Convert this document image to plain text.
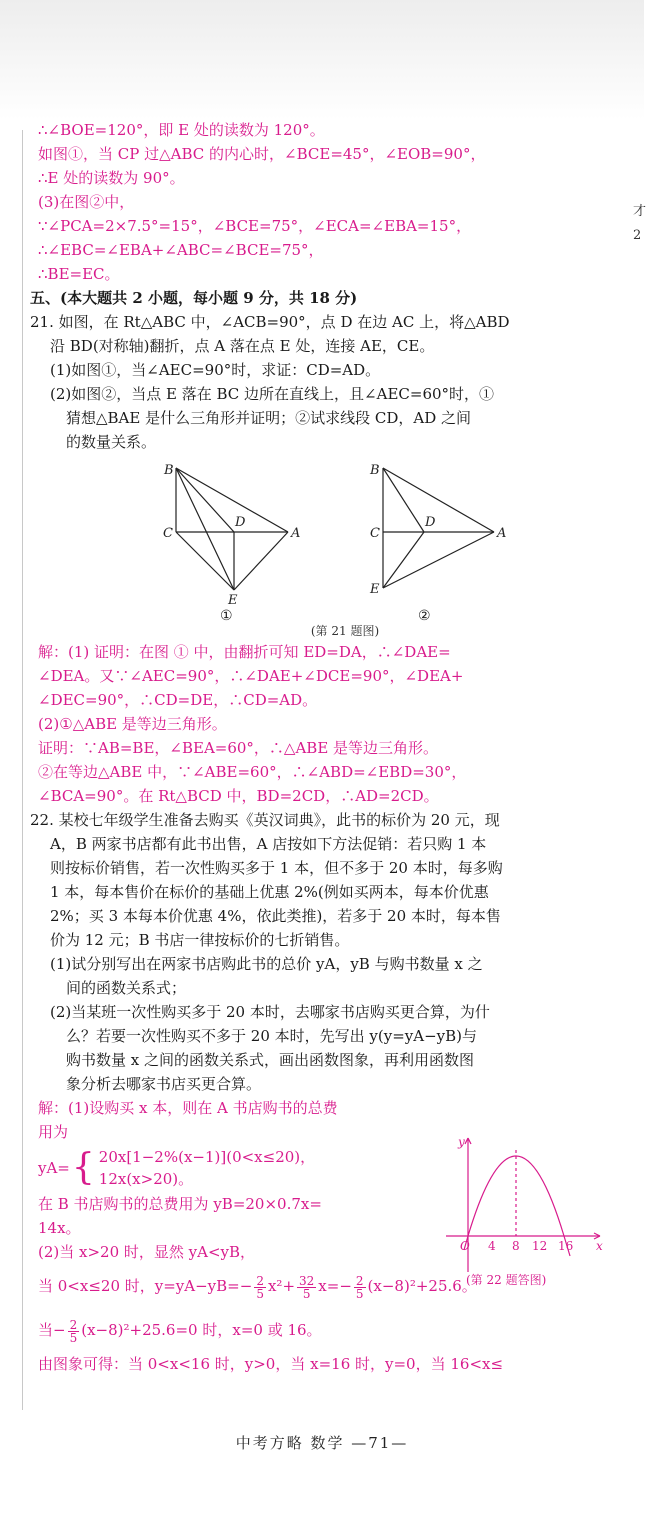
才
2
∴∠BOE=120°，即 E 处的读数为 120°。
如图①，当 CP 过△ABC 的内心时，∠BCE=45°，∠EOB=90°，
∴E 处的读数为 90°。
(3)在图②中，
∵∠PCA=2×7.5°=15°，∠BCE=75°，∠ECA=∠EBA=15°，
∴∠EBC=∠EBA+∠ABC=∠BCE=75°，
∴BE=EC。
五、(本大题共 2 小题，每小题 9 分，共 18 分)
21. 如图，在 Rt△ABC 中，∠ACB=90°，点 D 在边 AC 上，将△ABD
沿 BD(对称轴)翻折，点 A 落在点 E 处，连接 AE，CE。
(1)如图①，当∠AEC=90°时，求证：CD=AD。
(2)如图②，当点 E 落在 BC 边所在直线上，且∠AEC=60°时，①
猜想△BAE 是什么三角形并证明；②试求线段 CD，AD 之间
的数量关系。
B
C
D
A
E
B
C
D
A
E
①	②
(第 21 题图)
解：(1) 证明：在图 ① 中，由翻折可知 ED=DA，∴∠DAE=
∠DEA。又∵∠AEC=90°，∴∠DAE+∠DCE=90°，∠DEA+
∠DEC=90°，∴CD=DE，∴CD=AD。
(2)①△ABE 是等边三角形。
证明：∵AB=BE，∠BEA=60°，∴△ABE 是等边三角形。
②在等边△ABE 中，∵∠ABE=60°，∴∠ABD=∠EBD=30°，
∠BCA=90°。在 Rt△BCD 中，BD=2CD，∴AD=2CD。
22. 某校七年级学生准备去购买《英汉词典》，此书的标价为 20 元，现
A，B 两家书店都有此书出售，A 店按如下方法促销：若只购 1 本
则按标价销售，若一次性购买多于 1 本，但不多于 20 本时，每多购
1 本，每本售价在标价的基础上优惠 2%(例如买两本，每本价优惠
2%；买 3 本每本价优惠 4%，依此类推)，若多于 20 本时，每本售
价为 12 元；B 书店一律按标价的七折销售。
(1)试分别写出在两家书店购此书的总价 yA，yB 与购书数量 x 之
间的函数关系式；
(2)当某班一次性购买多于 20 本时，去哪家书店购买更合算，为什
么？若要一次性购买不多于 20 本时，先写出 y(y=yA−yB)与
购书数量 x 之间的函数关系式，画出函数图象，再利用函数图
象分析去哪家书店买更合算。
解：(1)设购买 x 本，则在 A 书店购书的总费
用为
yA= { 20x[1−2%(x−1)](0<x≤20)，
12x(x>20)。
在 B 书店购书的总费用为 yB=20×0.7x=
14x。
(2)当 x>20 时，显然 yA<yB，
当 0<x≤20 时，$y=yA-yB=- \frac{2}{5} x^2+ \frac{32}{5} x=- \frac{2}{5} (x-8)^2+25.6$。
当− $\frac{2}{5} (x-8)^2+25.6=0$ 时，x=0 或 16。
由图象可得：当 0<x<16 时，y>0，当 x=16 时，y=0，当 16<x≤
y
x
O 4 8 12 16
(第 22 题答图)
中考方略 数学 —71—
